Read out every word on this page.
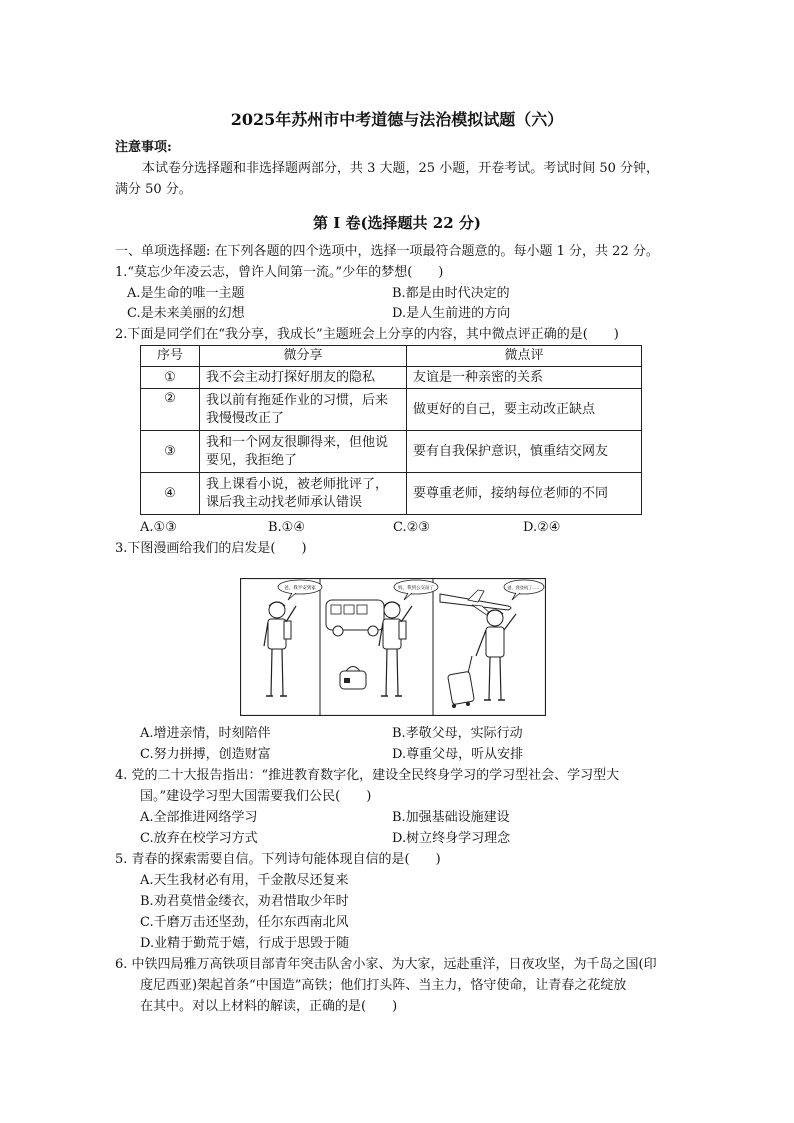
2025年苏州市中考道德与法治模拟试题（六）
注意事项:
本试卷分选择题和非选择题两部分，共 3 大题，25 小题，开卷考试。考试时间 50 分钟，
满分 50 分。
第 I 卷(选择题共 22 分)
一、单项选择题: 在下列各题的四个选项中，选择一项最符合题意的。每小题 1 分，共 22 分。
1.“莫忘少年凌云志，曾许人间第一流。”少年的梦想(　　)
A.是生命的唯一主题	B.都是由时代决定的
C.是未来美丽的幻想	D.是人生前进的方向
2.下面是同学们在“我分享，我成长”主题班会上分享的内容，其中微点评正确的是(　　)
序号	微分享	微点评
①	我不会主动打探好朋友的隐私	友谊是一种亲密的关系
②	我以前有拖延作业的习惯，后来
我慢慢改正了	做更好的自己，要主动改正缺点
③	我和一个网友很聊得来，但他说
要见，我拒绝了	要有自我保护意识，慎重结交网友
④	我上课看小说，被老师批评了，
课后我主动找老师承认错误	要尊重老师，接纳每位老师的不同
A.①③	B.①④	C.②③	D.②④
3.下图漫画给我们的启发是(　　)
爸，我平安到家	妈，我到公交站了	爸，我登机了……
A.增进亲情，时刻陪伴	B.孝敬父母，实际行动
C.努力拼搏，创造财富	D.尊重父母，听从安排
4. 党的二十大报告指出：“推进教育数字化，建设全民终身学习的学习型社会、学习型大
国。”建设学习型大国需要我们公民(　　)
A.全部推进网络学习	B.加强基础设施建设
C.放弃在校学习方式	D.树立终身学习理念
5. 青春的探索需要自信。下列诗句能体现自信的是(　　)
A.天生我材必有用，千金散尽还复来
B.劝君莫惜金缕衣，劝君惜取少年时
C.千磨万击还坚劲，任尔东西南北风
D.业精于勤荒于嬉，行成于思毁于随
6. 中铁四局雅万高铁项目部青年突击队舍小家、为大家，远赴重洋，日夜攻坚，为千岛之国(印
度尼西亚)架起首条“中国造”高铁；他们打头阵、当主力，恪守使命，让青春之花绽放
在其中。对以上材料的解读，正确的是(　　)
